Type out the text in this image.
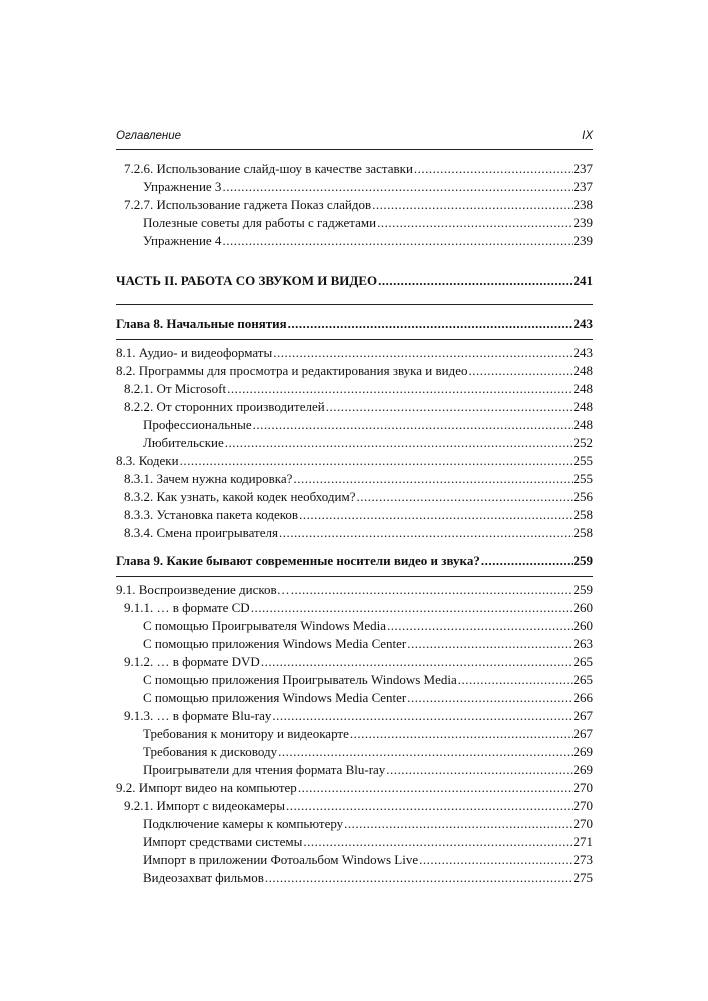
Оглавление	IX
7.2.6. Использование слайд-шоу в качестве заставки .....	237
Упражнение 3 .....	237
7.2.7. Использование гаджета Показ слайдов .....	238
Полезные советы для работы с гаджетами .....	239
Упражнение 4 .....	239
ЧАСТЬ II. РАБОТА СО ЗВУКОМ И ВИДЕО .....	241
Глава 8. Начальные понятия .....	243
8.1. Аудио- и видеоформаты .....	243
8.2. Программы для просмотра и редактирования звука и видео .....	248
8.2.1. От Microsoft .....	248
8.2.2. От сторонних производителей .....	248
Профессиональные .....	248
Любительские .....	252
8.3. Кодеки .....	255
8.3.1. Зачем нужна кодировка? .....	255
8.3.2. Как узнать, какой кодек необходим? .....	256
8.3.3. Установка пакета кодеков .....	258
8.3.4. Смена проигрывателя .....	258
Глава 9. Какие бывают современные носители видео и звука? .....	259
9.1. Воспроизведение дисков… .....	259
9.1.1. … в формате CD .....	260
С помощью Проигрывателя Windows Media .....	260
С помощью приложения Windows Media Center .....	263
9.1.2. … в формате DVD .....	265
С помощью приложения Проигрыватель Windows Media .....	265
С помощью приложения Windows Media Center .....	266
9.1.3. … в формате Blu-ray .....	267
Требования к монитору и видеокарте .....	267
Требования к дисководу .....	269
Проигрыватели для чтения формата Blu-ray .....	269
9.2. Импорт видео на компьютер .....	270
9.2.1. Импорт с видеокамеры .....	270
Подключение камеры к компьютеру .....	270
Импорт средствами системы .....	271
Импорт в приложении Фотоальбом Windows Live .....	273
Видеозахват фильмов .....	275
